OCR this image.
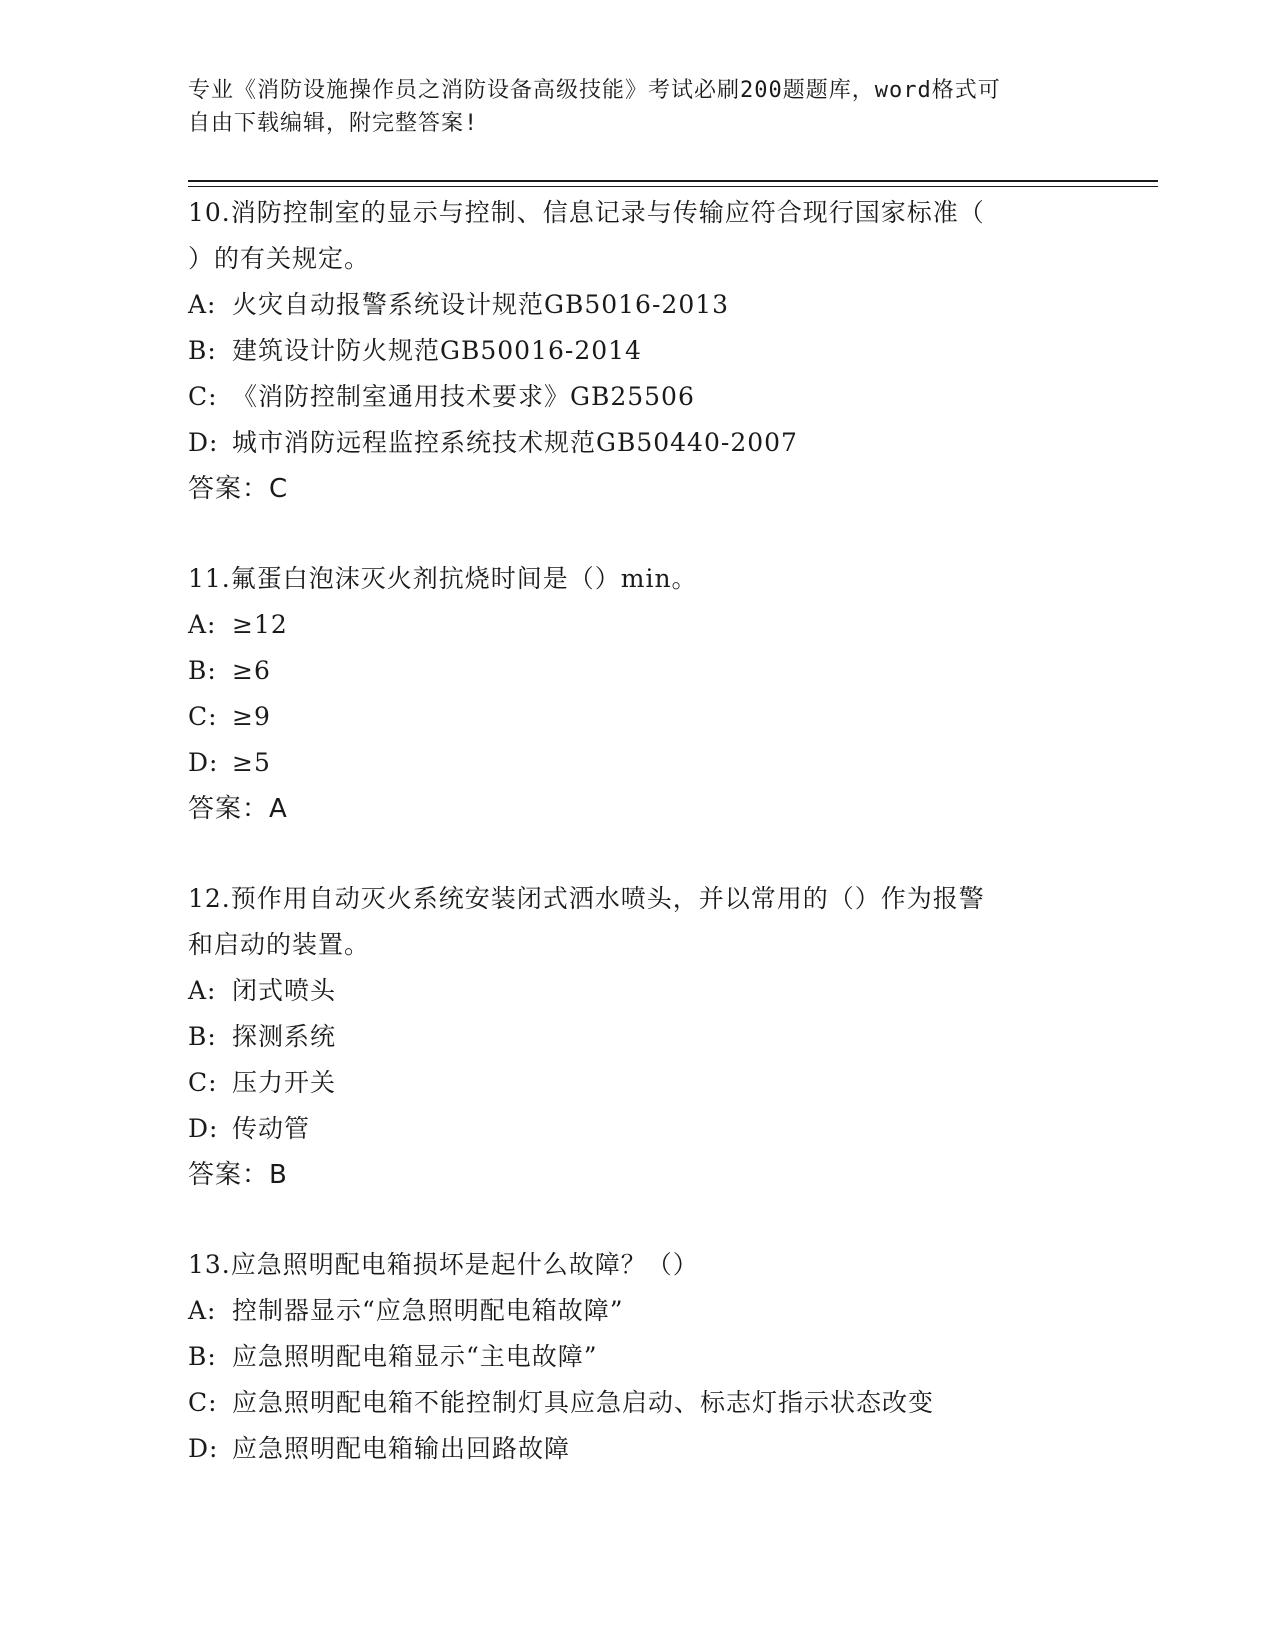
专业《消防设施操作员之消防设备高级技能》考试必刷200题题库，word格式可

自由下载编辑，附完整答案!

10.消防控制室的显示与控制、信息记录与传输应符合现行国家标准（
）的有关规定。
A: 火灾自动报警系统设计规范GB5016-2013
B: 建筑设计防火规范GB50016-2014
C: 《消防控制室通用技术要求》GB25506
D: 城市消防远程监控系统技术规范GB50440-2007
答案：C
11.氟蛋白泡沫灭火剂抗烧时间是（）min。
A: ≥12
B: ≥6
C: ≥9
D: ≥5
答案：A
12.预作用自动灭火系统安装闭式洒水喷头，并以常用的（）作为报警
和启动的装置。
A: 闭式喷头
B: 探测系统
C: 压力开关
D: 传动管
答案：B
13.应急照明配电箱损坏是起什么故障？（）
A: 控制器显示“应急照明配电箱故障”
B: 应急照明配电箱显示“主电故障”
C: 应急照明配电箱不能控制灯具应急启动、标志灯指示状态改变
D: 应急照明配电箱输出回路故障
